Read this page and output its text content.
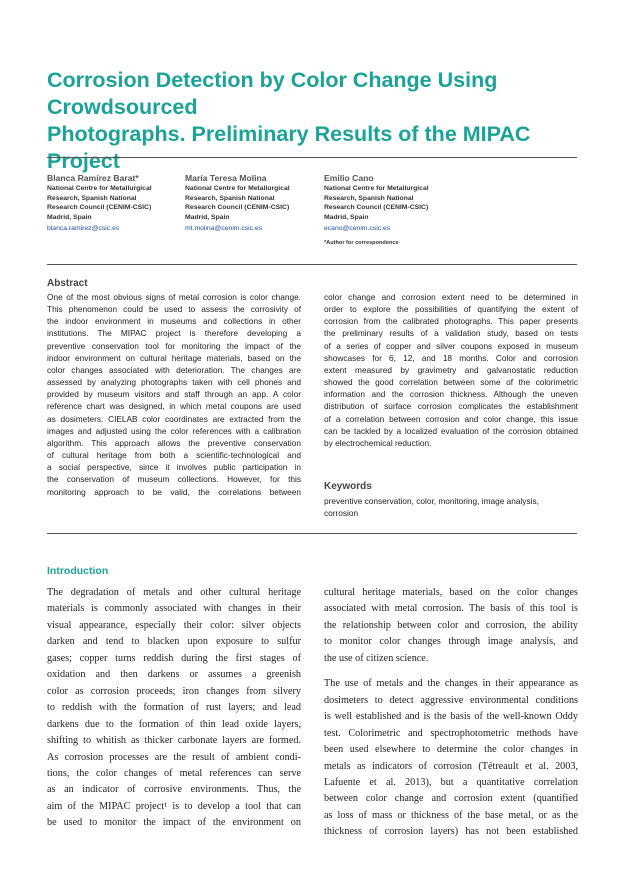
Corrosion Detection by Color Change Using Crowdsourced
Photographs. Preliminary Results of the MIPAC Project
Blanca Ramírez Barat*
National Centre for Metallurgical
Research, Spanish National
Research Council (CENIM-CSIC)
Madrid, Spain
blanca.ramirez@csic.es
María Teresa Molina
National Centre for Metallurgical
Research, Spanish National
Research Council (CENIM-CSIC)
Madrid, Spain
mt.molina@cenim.csic.es
Emilio Cano
National Centre for Metallurgical
Research, Spanish National
Research Council (CENIM-CSIC)
Madrid, Spain
ecano@cenim.csic.es
*Author for correspondence
Abstract
One of the most obvious signs of metal corrosion is color change.
This phenomenon could be used to assess the corrosivity of
the indoor environment in museums and collections in other
institutions. The MIPAC project is therefore developing a
preventive conservation tool for monitoring the impact of the
indoor environment on cultural heritage materials, based on the
color changes associated with deterioration. The changes are
assessed by analyzing photographs taken with cell phones and
provided by museum visitors and staff through an app. A color
reference chart was designed, in which metal coupons are used
as dosimeters. CIELAB color coordinates are extracted from the
images and adjusted using the color references with a calibration
algorithm. This approach allows the preventive conservation
of cultural heritage from both a scientific-technological and
a social perspective, since it involves public participation in
the conservation of museum collections. However, for this
monitoring approach to be valid, the correlations between
color change and corrosion extent need to be determined in
order to explore the possibilities of quantifying the extent of
corrosion from the calibrated photographs. This paper presents
the preliminary results of a validation study, based on tests
of a series of copper and silver coupons exposed in museum
showcases for 6, 12, and 18 months. Color and corrosion
extent measured by gravimetry and galvanostatic reduction
showed the good correlation between some of the colorimetric
information and the corrosion thickness. Although the uneven
distribution of surface corrosion complicates the establishment
of a correlation between corrosion and color change, this issue
can be tackled by a localized evaluation of the corrosion obtained
by electrochemical reduction.
Keywords
preventive conservation, color, monitoring, image analysis,
corrosion
Introduction
The degradation of metals and other cultural heritage
materials is commonly associated with changes in their
visual appearance, especially their color: silver objects
darken and tend to blacken upon exposure to sulfur
gases; copper turns reddish during the first stages of
oxidation and then darkens or assumes a greenish
color as corrosion proceeds; iron changes from silvery
to reddish with the formation of rust layers; and lead
darkens due to the formation of thin lead oxide layers,
shifting to whitish as thicker carbonate layers are formed.
As corrosion processes are the result of ambient condi-
tions, the color changes of metal references can serve
as an indicator of corrosive environments. Thus, the
aim of the MIPAC project¹ is to develop a tool that can
be used to monitor the impact of the environment on
cultural heritage materials, based on the color changes
associated with metal corrosion. The basis of this tool is
the relationship between color and corrosion, the ability
to monitor color changes through image analysis, and
the use of citizen science.
The use of metals and the changes in their appearance as
dosimeters to detect aggressive environmental conditions
is well established and is the basis of the well-known Oddy
test. Colorimetric and spectrophotometric methods have
been used elsewhere to determine the color changes in
metals as indicators of corrosion (Tétreault et al. 2003,
Lafuente et al. 2013), but a quantitative correlation
between color change and corrosion extent (quantified
as loss of mass or thickness of the base metal, or as the
thickness of corrosion layers) has not been established
